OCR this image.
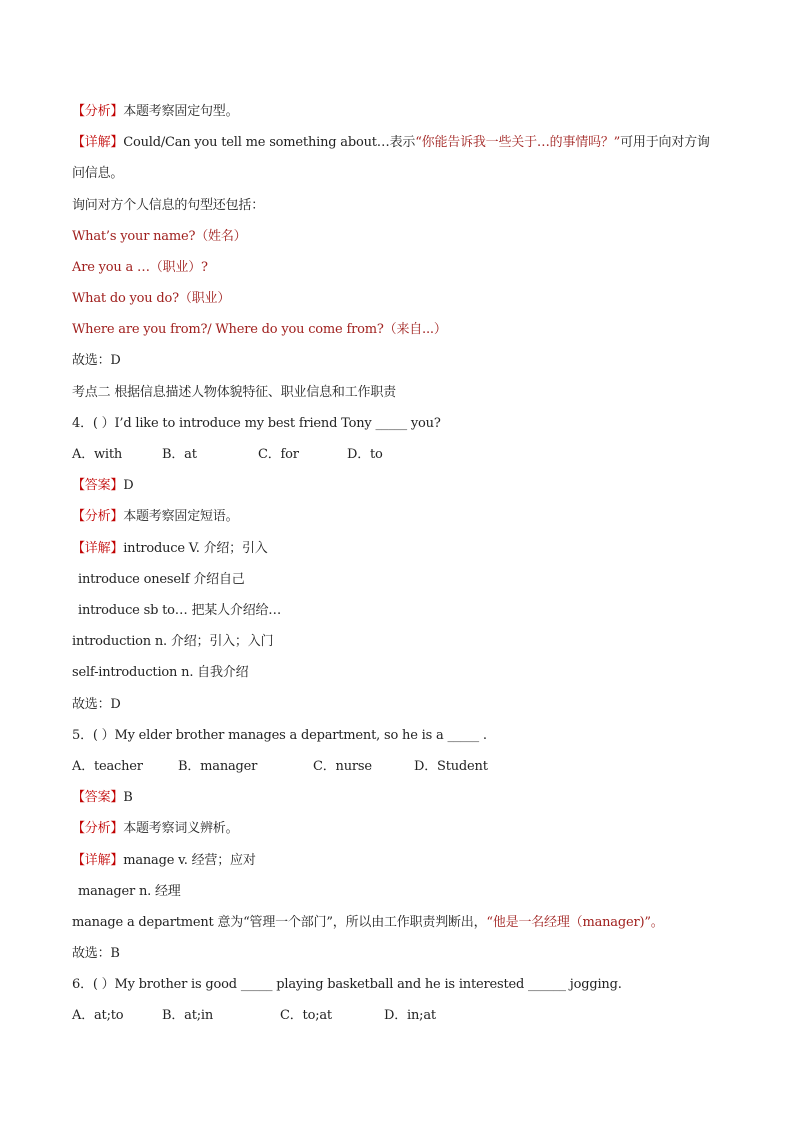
【分析】本题考察固定句型。
【详解】Could/Can you tell me something about…表示“你能告诉我一些关于…的事情吗？”可用于向对方询
问信息。
询问对方个人信息的句型还包括：
What’s your name?（姓名）
Are you a …（职业）?
What do you do?（职业）
Where are you from?/ Where do you come from?（来自...）
故选：D
考点二 根据信息描述人物体貌特征、职业信息和工作职责
4．( ）I’d like to introduce my best friend Tony _____ you?
A．with	B．at	C．for	D．to
【答案】D
【分析】本题考察固定短语。
【详解】introduce V. 介绍；引入
introduce oneself 介绍自己
introduce sb to… 把某人介绍给…
introduction n. 介绍；引入；入门
self-introduction n. 自我介绍
故选：D
5．( ）My elder brother manages a department, so he is a _____ .
A．teacher	B．manager	C．nurse	D．Student
【答案】B
【分析】本题考察词义辨析。
【详解】manage v. 经营；应对
manager n. 经理
manage a department 意为“管理一个部门”，所以由工作职责判断出，“他是一名经理（manager)”。
故选：B
6．( ）My brother is good _____ playing basketball and he is interested ______ jogging.
A．at;to	B．at;in	C．to;at	D．in;at
